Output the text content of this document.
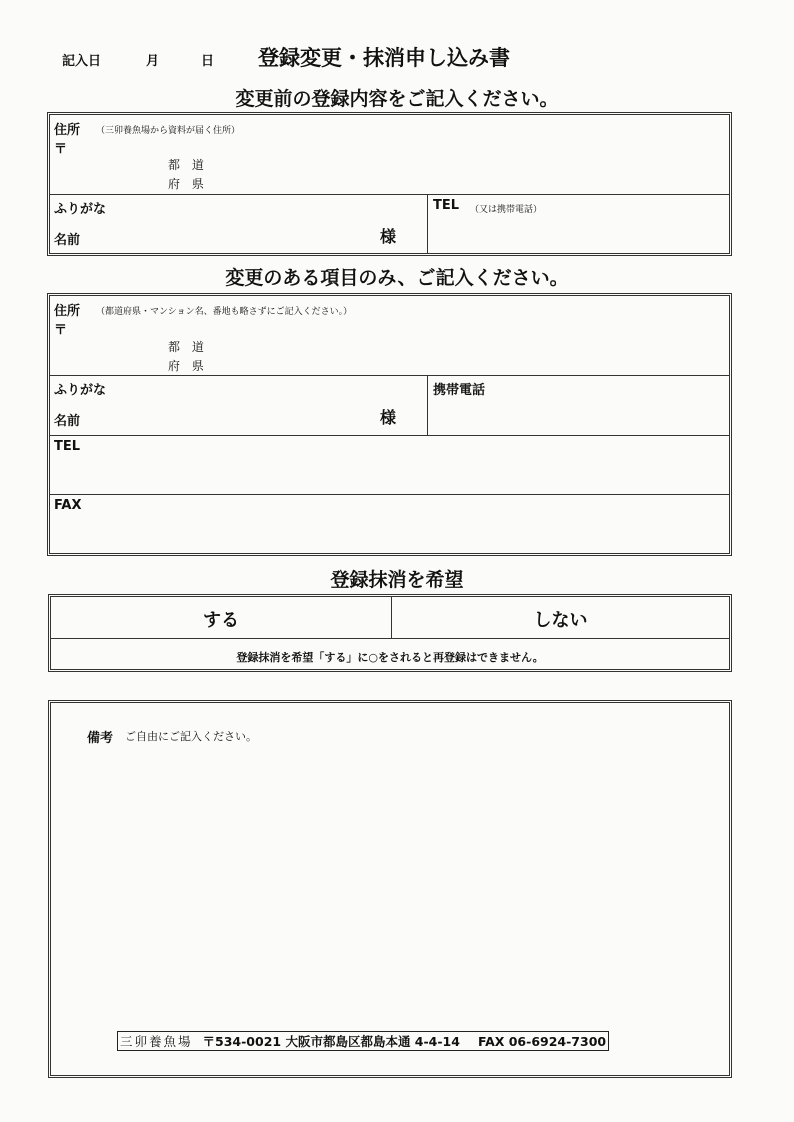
記入日	月	日 登録変更・抹消申し込み書
変更前の登録内容をご記入ください。
住所 （三卯養魚場から資料が届く住所）
〒
都 道
府 県
ふりがな
名前	様
TEL （又は携帯電話）
変更のある項目のみ、ご記入ください。
住所 （都道府県・マンション名、番地も略さずにご記入ください。）
〒
都 道
府 県
ふりがな
名前	様
携帯電話
TEL
FAX
登録抹消を希望
する	しない
登録抹消を希望「する」に○をされると再登録はできません。
備考 ご自由にご記入ください。
三卯養魚場 〒534-0021 大阪市都島区都島本通 4-4-14 FAX 06-6924-7300
